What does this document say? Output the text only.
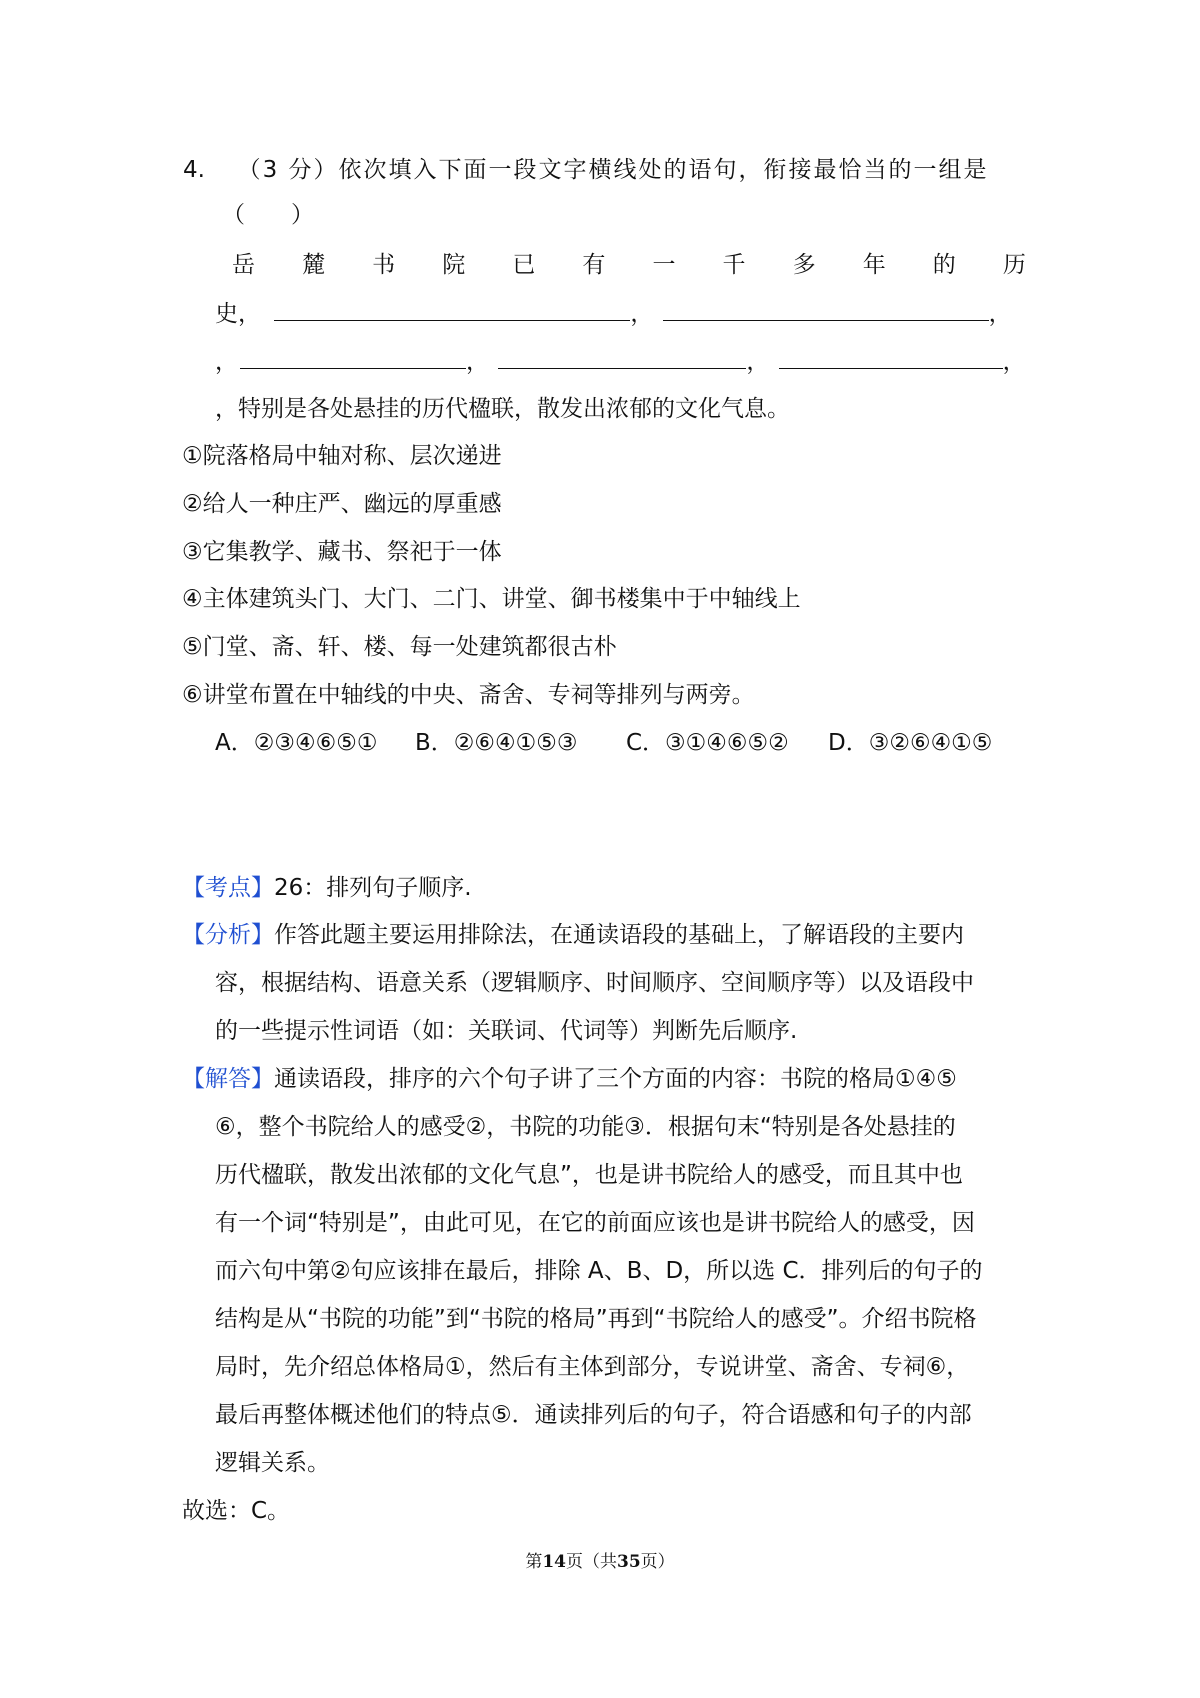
4. （3 分）依次填入下面一段文字横线处的语句，衔接最恰当的一组是
（　　）
岳 麓 书 院 已 有 一 千 多 年 的 历
史，	，	，
，	，	，	，
，特别是各处悬挂的历代楹联，散发出浓郁的文化气息。
①院落格局中轴对称、层次递进
②给人一种庄严、幽远的厚重感
③它集教学、藏书、祭祀于一体
④主体建筑头门、大门、二门、讲堂、御书楼集中于中轴线上
⑤门堂、斋、轩、楼、每一处建筑都很古朴
⑥讲堂布置在中轴线的中央、斋舍、专祠等排列与两旁。
A．②③④⑥⑤① B．②⑥④①⑤③ C．③①④⑥⑤② D．③②⑥④①⑤
【考点】26：排列句子顺序.
【分析】作答此题主要运用排除法，在通读语段的基础上，了解语段的主要内
容，根据结构、语意关系（逻辑顺序、时间顺序、空间顺序等）以及语段中
的一些提示性词语（如：关联词、代词等）判断先后顺序.
【解答】通读语段，排序的六个句子讲了三个方面的内容：书院的格局①④⑤
⑥，整个书院给人的感受②，书院的功能③．根据句末“特别是各处悬挂的
历代楹联，散发出浓郁的文化气息”，也是讲书院给人的感受，而且其中也
有一个词“特别是”，由此可见，在它的前面应该也是讲书院给人的感受，因
而六句中第②句应该排在最后，排除 A、B、D，所以选 C．排列后的句子的
结构是从“书院的功能”到“书院的格局”再到“书院给人的感受”。介绍书院格
局时，先介绍总体格局①，然后有主体到部分，专说讲堂、斋舍、专祠⑥，
最后再整体概述他们的特点⑤．通读排列后的句子，符合语感和句子的内部
逻辑关系。
故选：C。
第14页（共35页）
